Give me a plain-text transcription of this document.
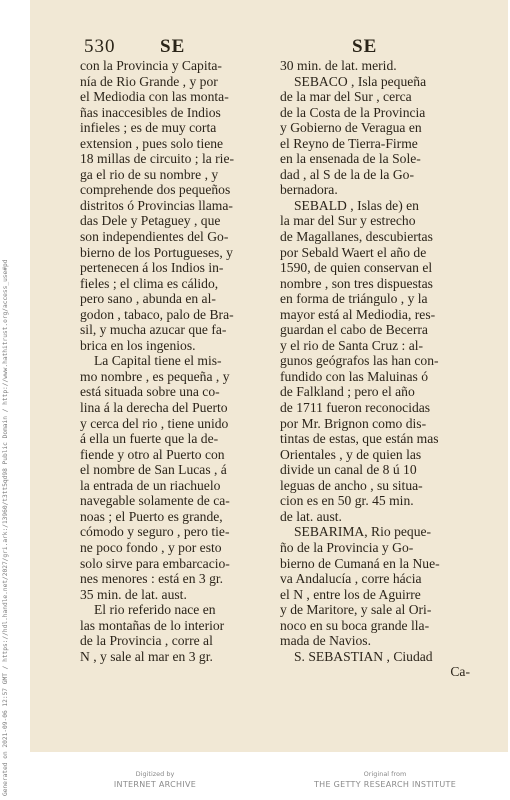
530 SE	SE

con la Provincia y Capita-

nía de Rio Grande , y por

el Mediodia con las monta-

ñas inaccesibles de Indios

infieles ; es de muy corta

extension , pues solo tiene

18 millas de circuito ; la rie-

ga el rio de su nombre , y

comprehende dos pequeños

distritos ó Provincias llama-

das Dele y Petaguey , que

son independientes del Go-

bierno de los Portugueses, y

pertenecen á los Indios in-

fieles ; el clima es cálido,

pero sano , abunda en al-

godon , tabaco, palo de Bra-

sil, y mucha azucar que fa-

brica en los ingenios.

La Capital tiene el mis-

mo nombre , es pequeña , y

está situada sobre una co-

lina á la derecha del Puerto

y cerca del rio , tiene unido

á ella un fuerte que la de-

fiende y otro al Puerto con

el nombre de San Lucas , á

la entrada de un riachuelo

navegable solamente de ca-

noas ; el Puerto es grande,

cómodo y seguro , pero tie-

ne poco fondo , y por esto

solo sirve para embarcacio-

nes menores : está en 3 gr.

35 min. de lat. aust.

El rio referido nace en

las montañas de lo interior

de la Provincia , corre al

N , y sale al mar en 3 gr.

30 min. de lat. merid.

SEBACO , Isla pequeña

de la mar del Sur , cerca

de la Costa de la Provincia

y Gobierno de Veragua en

el Reyno de Tierra-Firme

en la ensenada de la Sole-

dad , al S de la de la Go-

bernadora.

SEBALD , Islas de) en

la mar del Sur y estrecho

de Magallanes, descubiertas

por Sebald Waert el año de

1590, de quien conservan el

nombre , son tres dispuestas

en forma de triángulo , y la

mayor está al Mediodia, res-

guardan el cabo de Becerra

y el rio de Santa Cruz : al-

gunos geógrafos las han con-

fundido con las Maluinas ó

de Falkland ; pero el año

de 1711 fueron reconocidas

por Mr. Brignon como dis-

tintas de estas, que están mas

Orientales , y de quien las

divide un canal de 8 ú 10

leguas de ancho , su situa-

cion es en 50 gr. 45 min.

de lat. aust.

SEBARIMA, Rio peque-

ño de la Provincia y Go-

bierno de Cumaná en la Nue-

va Andalucía , corre hácia

el N , entre los de Aguirre

y de Maritore, y sale al Ori-

noco en su boca grande lla-

mada de Navios.

S. SEBASTIAN , Ciudad

Ca-

Generated on 2021-09-06 12:57 GMT / https://hdl.handle.net/2027/gri.ark:/13960/t3tt5qd98 Public Domain / http://www.hathitrust.org/access_use#pd	Digitized by
INTERNET ARCHIVE
Original from
THE GETTY RESEARCH INSTITUTE
